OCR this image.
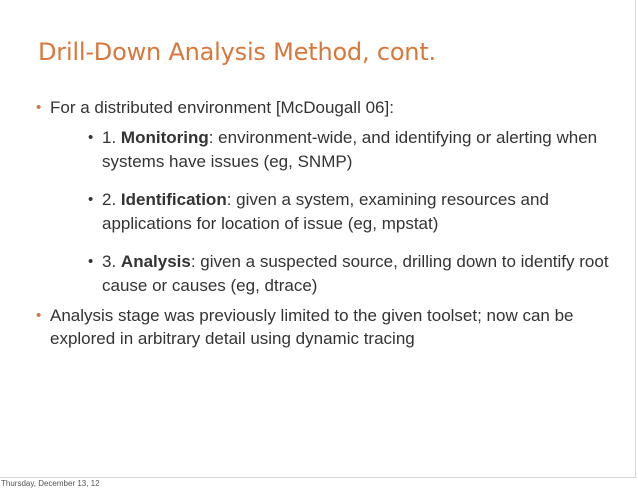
Drill-Down Analysis Method, cont.
• For a distributed environment [McDougall 06]:
• 1. Monitoring: environment-wide, and identifying or alerting when systems have issues (eg, SNMP)
• 2. Identification: given a system, examining resources and applications for location of issue (eg, mpstat)
• 3. Analysis: given a suspected source, drilling down to identify root cause or causes (eg, dtrace)
• Analysis stage was previously limited to the given toolset; now can be explored in arbitrary detail using dynamic tracing
Thursday, December 13, 12
